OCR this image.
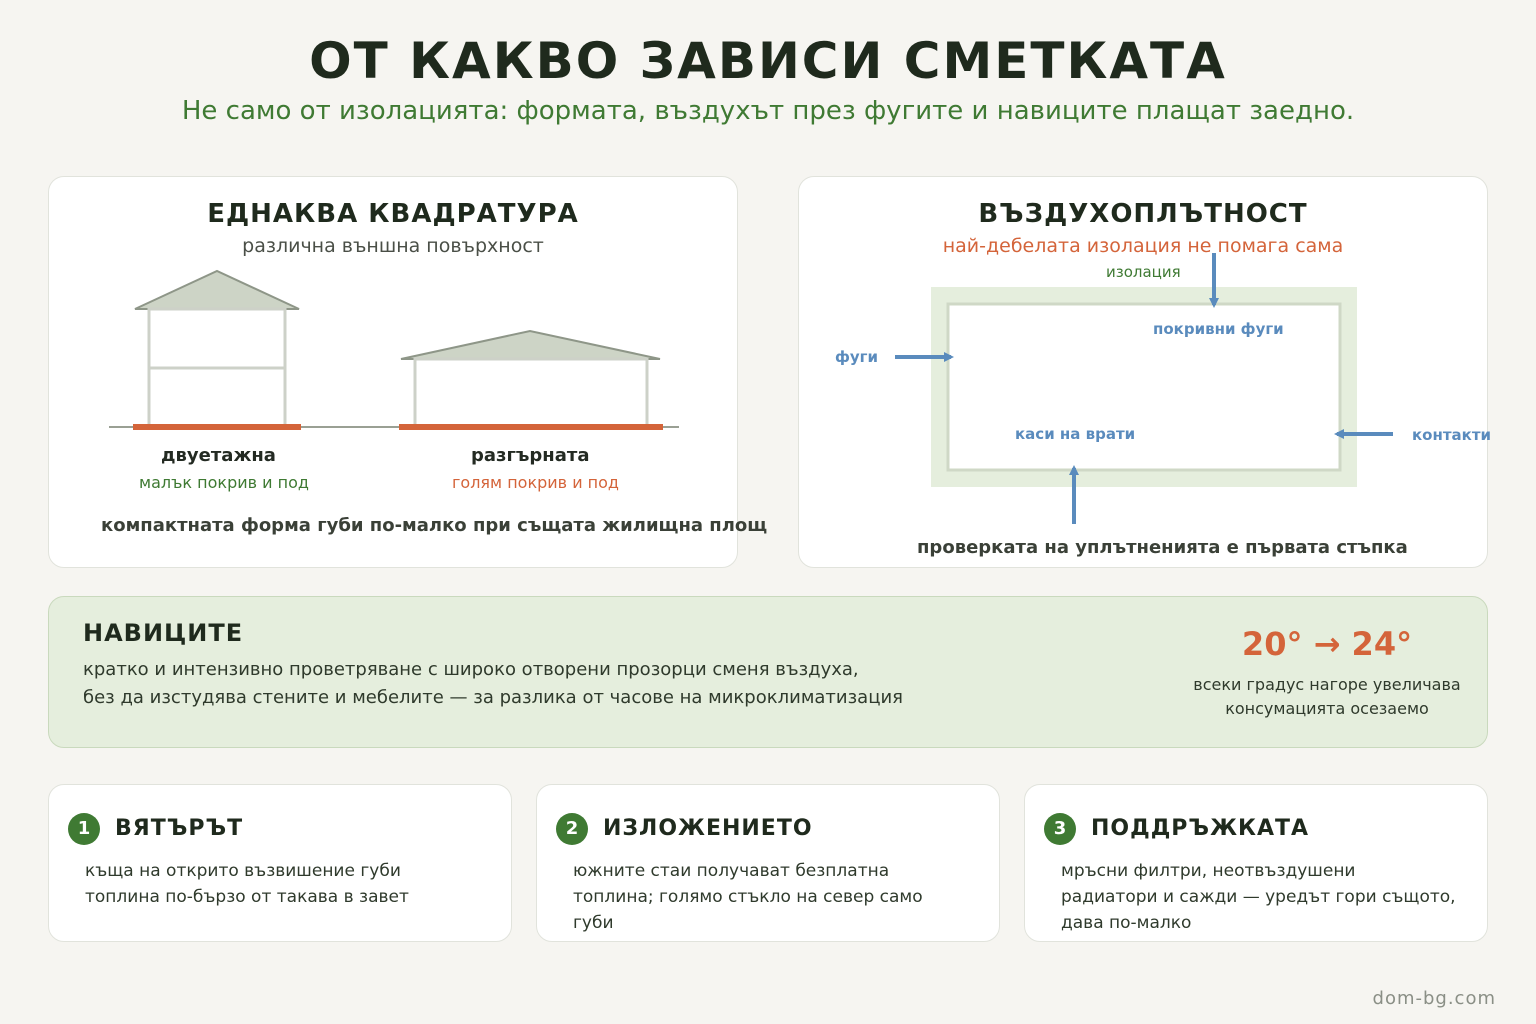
ОТ КАКВО ЗАВИСИ СМЕТКАТА
Не само от изолацията: формата, въздухът през фугите и навиците плащат заедно.
ЕДНАКВА КВАДРАТУРА
различна външна повърхност
двуетажна
малък покрив и под
разгърната
голям покрив и под
компактната форма губи по-малко при същата жилищна площ
ВЪЗДУХОПЛЪТНОСТ
най-дебелата изолация не помага сама
изолация
покривни фуги
фуги
каси на врати	контакти
проверката на уплътненията е първата стъпка
НАВИЦИТЕ
кратко и интензивно проветряване с широко отворени прозорци сменя въздуха,
без да изстудява стените и мебелите — за разлика от часове на микроклиматизация
20° → 24°
всеки градус нагоре увеличава
консумацията осезаемо
1	ВЯТЪРЪТ
къща на открито възвишение губи
топлина по-бързо от такава в завет
2	ИЗЛОЖЕНИЕТО
южните стаи получават безплатна
топлина; голямо стъкло на север само
губи
3	ПОДДРЪЖКАТА
мръсни филтри, неотвъздушени
радиатори и сажди — уредът гори същото,
дава по-малко
dom-bg.com
